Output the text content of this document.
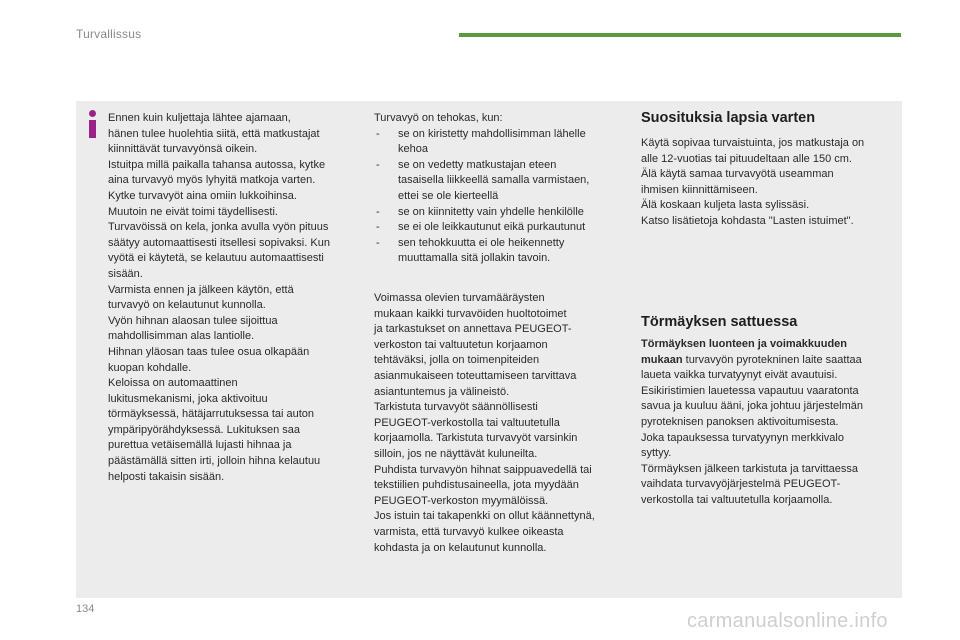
Turvallissus

Ennen kuin kuljettaja lähtee ajamaan,

hänen tulee huolehtia siitä, että matkustajat

kiinnittävät turvavyönsä oikein.

Istuitpa millä paikalla tahansa autossa, kytke

aina turvavyö myös lyhyitä matkoja varten.

Kytke turvavyöt aina omiin lukkoihinsa.

Muutoin ne eivät toimi täydellisesti.

Turvavöissä on kela, jonka avulla vyön pituus

säätyy automaattisesti itsellesi sopivaksi. Kun

vyötä ei käytetä, se kelautuu automaattisesti

sisään.

Varmista ennen ja jälkeen käytön, että

turvavyö on kelautunut kunnolla.

Vyön hihnan alaosan tulee sijoittua

mahdollisimman alas lantiolle.

Hihnan yläosan taas tulee osua olkapään

kuopan kohdalle.

Keloissa on automaattinen

lukitusmekanismi, joka aktivoituu

törmäyksessä, hätäjarrutuksessa tai auton

ympäripyörähdyksessä. Lukituksen saa

purettua vetäisemällä lujasti hihnaa ja

päästämällä sitten irti, jolloin hihna kelautuu

helposti takaisin sisään.

Turvavyö on tehokas, kun:

- se on kiristetty mahdollisimman lähelle
kehoa
- se on vedetty matkustajan eteen
tasaisella liikkeellä samalla varmistaen,
ettei se ole kierteellä
- se on kiinnitetty vain yhdelle henkilölle
- se ei ole leikkautunut eikä purkautunut
- sen tehokkuutta ei ole heikennetty
muuttamalla sitä jollakin tavoin.

Voimassa olevien turvamääräysten

mukaan kaikki turvavöiden huoltotoimet

ja tarkastukset on annettava PEUGEOT-

verkoston tai valtuutetun korjaamon

tehtäväksi, jolla on toimenpiteiden

asianmukaiseen toteuttamiseen tarvittava

asiantuntemus ja välineistö.

Tarkistuta turvavyöt säännöllisesti

PEUGEOT-verkostolla tai valtuutetulla

korjaamolla. Tarkistuta turvavyöt varsinkin

silloin, jos ne näyttävät kuluneilta.

Puhdista turvavyön hihnat saippuavedellä tai

tekstiilien puhdistusaineella, jota myydään

PEUGEOT-verkoston myymälöissä.

Jos istuin tai takapenkki on ollut käännettynä,

varmista, että turvavyö kulkee oikeasta

kohdasta ja on kelautunut kunnolla.

Suosituksia lapsia varten

Käytä sopivaa turvaistuinta, jos matkustaja on

alle 12-vuotias tai pituudeltaan alle 150 cm.

Älä käytä samaa turvavyötä useamman

ihmisen kiinnittämiseen.

Älä koskaan kuljeta lasta sylissäsi.

Katso lisätietoja kohdasta "Lasten istuimet".

Törmäyksen sattuessa

Törmäyksen luonteen ja voimakkuuden

mukaan turvavyön pyrotekninen laite saattaa

laueta vaikka turvatyynyt eivät avautuisi.

Esikiristimien lauetessa vapautuu vaaratonta

savua ja kuuluu ääni, joka johtuu järjestelmän

pyroteknisen panoksen aktivoitumisesta.

Joka tapauksessa turvatyynyn merkkivalo

syttyy.

Törmäyksen jälkeen tarkistuta ja tarvittaessa

vaihdata turvavyöjärjestelmä PEUGEOT-

verkostolla tai valtuutetulla korjaamolla.

134
carmanualsonline.info
